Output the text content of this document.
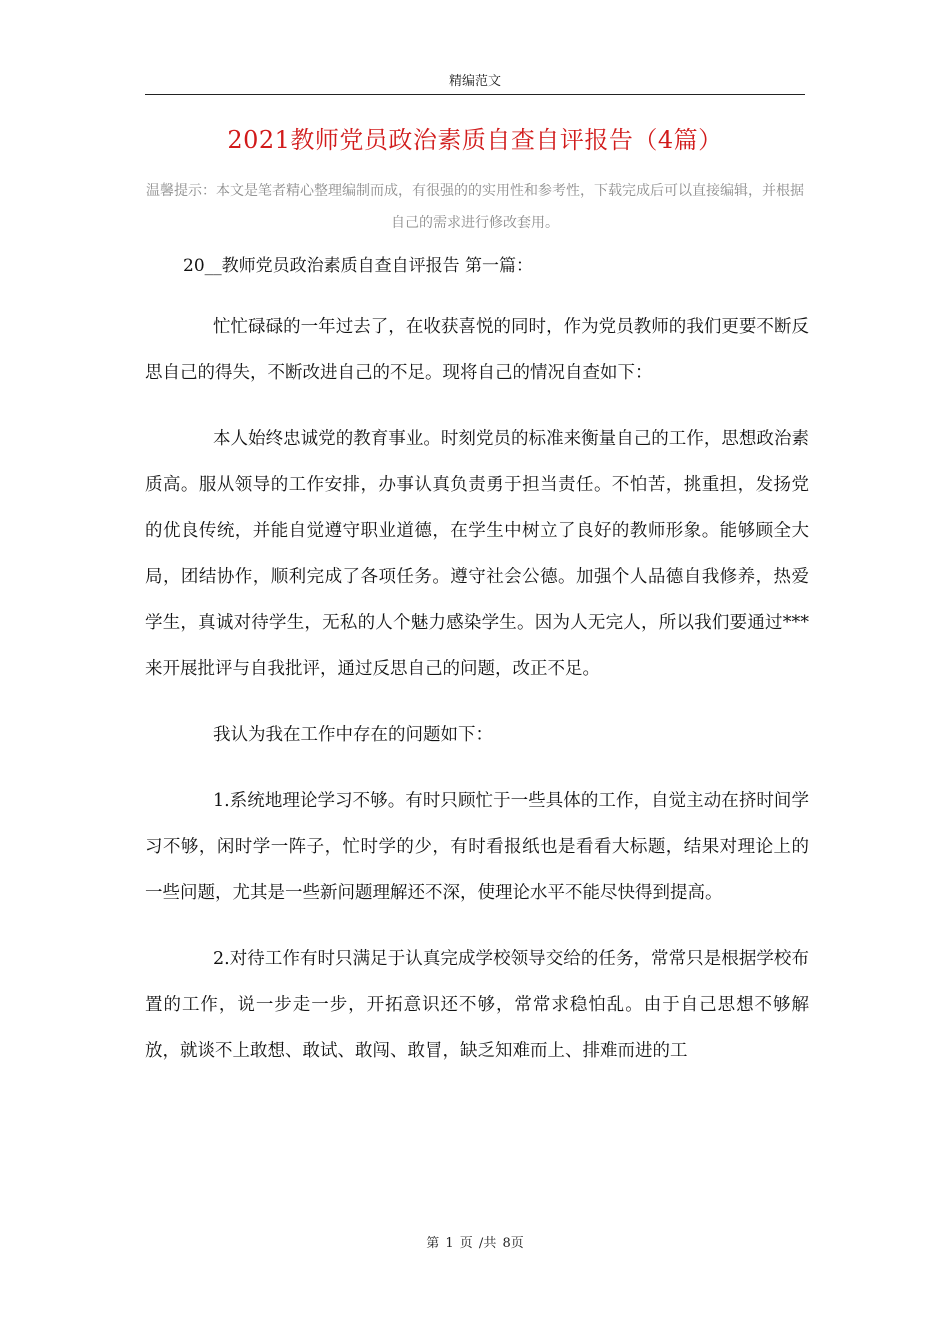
精编范文
2021教师党员政治素质自查自评报告（4篇）
温馨提示：本文是笔者精心整理编制而成，有很强的的实用性和参考性，下载完成后可以直接编辑，并根据自己的需求进行修改套用。

20__教师党员政治素质自查自评报告 第一篇：

忙忙碌碌的一年过去了，在收获喜悦的同时，作为党员教师的我们更要不断反思自己的得失，不断改进自己的不足。现将自己的情况自查如下：

本人始终忠诚党的教育事业。时刻党员的标准来衡量自己的工作，思想政治素质高。服从领导的工作安排，办事认真负责勇于担当责任。不怕苦，挑重担，发扬党的优良传统，并能自觉遵守职业道德，在学生中树立了良好的教师形象。能够顾全大局，团结协作，顺利完成了各项任务。遵守社会公德。加强个人品德自我修养，热爱学生，真诚对待学生，无私的人个魅力感染学生。因为人无完人，所以我们要通过***来开展批评与自我批评，通过反思自己的问题，改正不足。

我认为我在工作中存在的问题如下：

1.系统地理论学习不够。有时只顾忙于一些具体的工作，自觉主动在挤时间学习不够，闲时学一阵子，忙时学的少，有时看报纸也是看看大标题，结果对理论上的一些问题，尤其是一些新问题理解还不深，使理论水平不能尽快得到提高。

2.对待工作有时只满足于认真完成学校领导交给的任务，常常只是根据学校布置的工作，说一步走一步，开拓意识还不够，常常求稳怕乱。由于自己思想不够解放，就谈不上敢想、敢试、敢闯、敢冒，缺乏知难而上、排难而进的工

第 1 页 /共 8页
